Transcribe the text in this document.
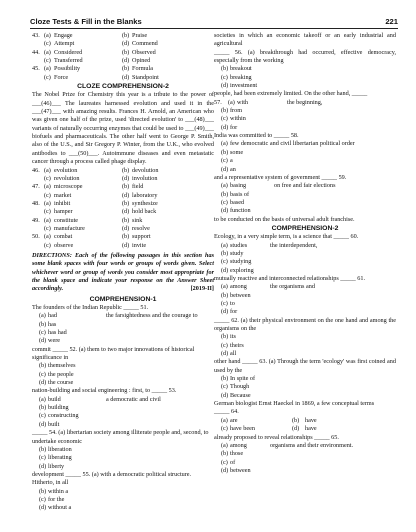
Cloze Tests & Fill in the Blanks	221
43. (a) Engage	(b) Praise
(c) Attempt	(d) Commend
44. (a) Considered	(b) Observed
(c) Transferred	(d) Opined
45. (a) Possibility	(b) Formula
(c) Force	(d) Standpoint
CLOZE COMPREHENSION-2
The Nobel Prize for Chemistry this year is a tribute to the power of ___(46)___ The laureates harnessed evolution and used it in the ___(47)___ with amazing results. Frances H. Arnold, an American who was given one half of the prize, used 'directed evolution' to ___(48)___ variants of naturally occurring enzymes that could be used to ___(49)___ biofuels and pharmaceuticals. The other half went to George P. Smith, also of the U.S., and Sir Gregory P. Winter, from the U.K., who evolved antibodies to ___(50)___. Autoimmune diseases and even metastatic cancer through a process called phage display.
46. (a) evolution	(b) devolution
(c) revolution	(d) involution
47. (a) microscope	(b) field
(c) market	(d) laboratory
48. (a) inhibit	(b) synthesize
(c) hamper	(d) hold back
49. (a) constitute	(b) sink
(c) manufacture	(d) resolve
50. (a) combat	(b) support
(c) observe	(d) invite
DIRECTIONS: Each of the following passages in this section has some blank spaces with four words or groups of words given. Select whichever word or group of words you consider most appropriate for the blank space and indicate your response on the Answer Sheet accordingly.	[2019-II]
COMPREHENSION-1
The founders of the Indian Republic _____ 51.
(a) had	the farsightedness and the courage to
(b) has
(c) has had
(d) were
commit _____ 52. (a) them to two major innovations of historical significance in
(b) themselves
(c) the people
(d) the course
nation-building and social engineering : first, to _____ 53.
(a) build	a democratic and civil
(b) building
(c) constructing
(d) built
_____ 54. (a) libertarian society among illiterate people and, second, to undertake economic
(b) liberation
(c) liberating
(d) liberty
development _____ 55. (a) with a democratic political structure. Hitherto, in all
(b) within a
(c) for the
(d) without a
societies in which an economic takeoff or an early industrial and agricultural
_____ 56. (a) breakthrough had occurred, effective democracy, especially from the working
(b) breakout
(c) breaking
(d) investment
people, had been extremely limited. On the other hand, _____
57.	(a) with	the beginning,
(b) from
(c) within
(d) for
India was committed to _____ 58.
(a) few democratic and civil libertarian political order
(b) some
(c) a
(d) an
and a representative system of government _____ 59.
(a) basing	on free and fair elections
(b) basis of
(c) based
(d) function
to be conducted on the basis of universal adult franchise.
COMPREHENSION-2
Ecology, in a very simple term, is a science that _____ 60.
(a) studies	the interdependent,
(b) study
(c) studying
(d) exploring
mutually reactive and interconnected relationships _____ 61.
(a) among	the organisms and
(b) between
(c) to
(d) for
_____ 62. (a) their physical environment on the one hand and among the organisms on the
(b) its
(c) theirs
(d) all
other hand _____ 63. (a) Through the term 'ecology' was first coined and used by the
(b) In spite of
(c) Though
(d) Because
German biologist Ernst Haeckel in 1869, a few conceptual terms
_____ 64.
(a) are	(b) have
(c) have been	(d) have
already proposed to reveal relationships _____ 65.
(a) among	organisms and their environment.
(b) those
(c) of
(d) between
